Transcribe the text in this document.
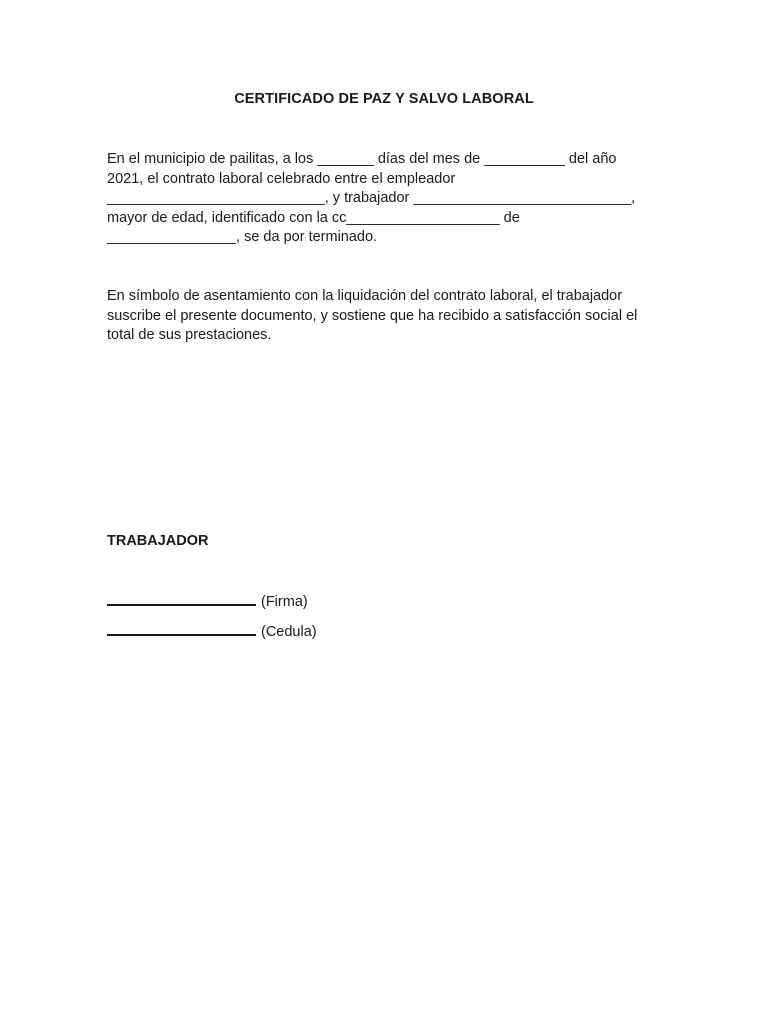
CERTIFICADO DE PAZ Y SALVO LABORAL

En el municipio de pailitas, a los _______ días del mes de __________ del año
2021, el contrato laboral celebrado entre el empleador
___________________________, y trabajador ___________________________,
mayor de edad, identificado con la cc___________________ de
________________, se da por terminado.

En símbolo de asentamiento con la liquidación del contrato laboral, el trabajador
suscribe el presente documento, y sostiene que ha recibido a satisfacción social el
total de sus prestaciones.

TRABAJADOR

(Firma)

(Cedula)
